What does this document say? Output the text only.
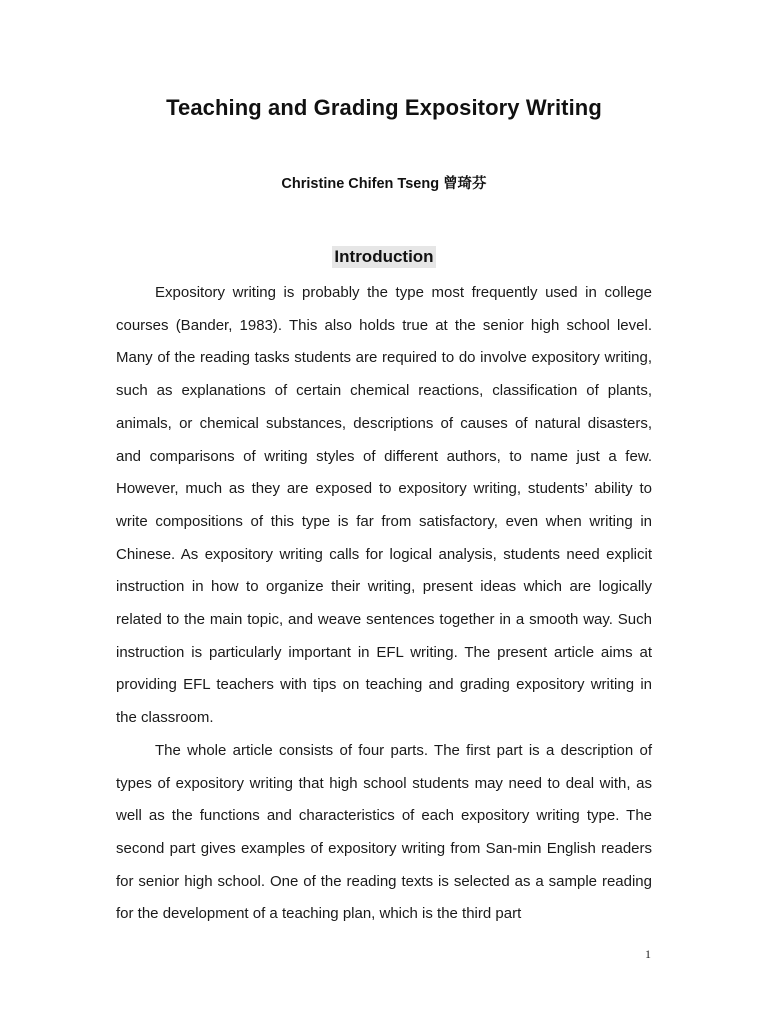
Teaching and Grading Expository Writing
Christine Chifen Tseng 曾琦芬
Introduction

Expository writing is probably the type most frequently used in college courses (Bander, 1983). This also holds true at the senior high school level. Many of the reading tasks students are required to do involve expository writing, such as explanations of certain chemical reactions, classification of plants, animals, or chemical substances, descriptions of causes of natural disasters, and comparisons of writing styles of different authors, to name just a few. However, much as they are exposed to expository writing, students’ ability to write compositions of this type is far from satisfactory, even when writing in Chinese. As expository writing calls for logical analysis, students need explicit instruction in how to organize their writing, present ideas which are logically related to the main topic, and weave sentences together in a smooth way. Such instruction is particularly important in EFL writing. The present article aims at providing EFL teachers with tips on teaching and grading expository writing in the classroom.

The whole article consists of four parts. The first part is a description of types of expository writing that high school students may need to deal with, as well as the functions and characteristics of each expository writing type. The second part gives examples of expository writing from San-min English readers for senior high school. One of the reading texts is selected as a sample reading for the development of a teaching plan, which is the third part

1
